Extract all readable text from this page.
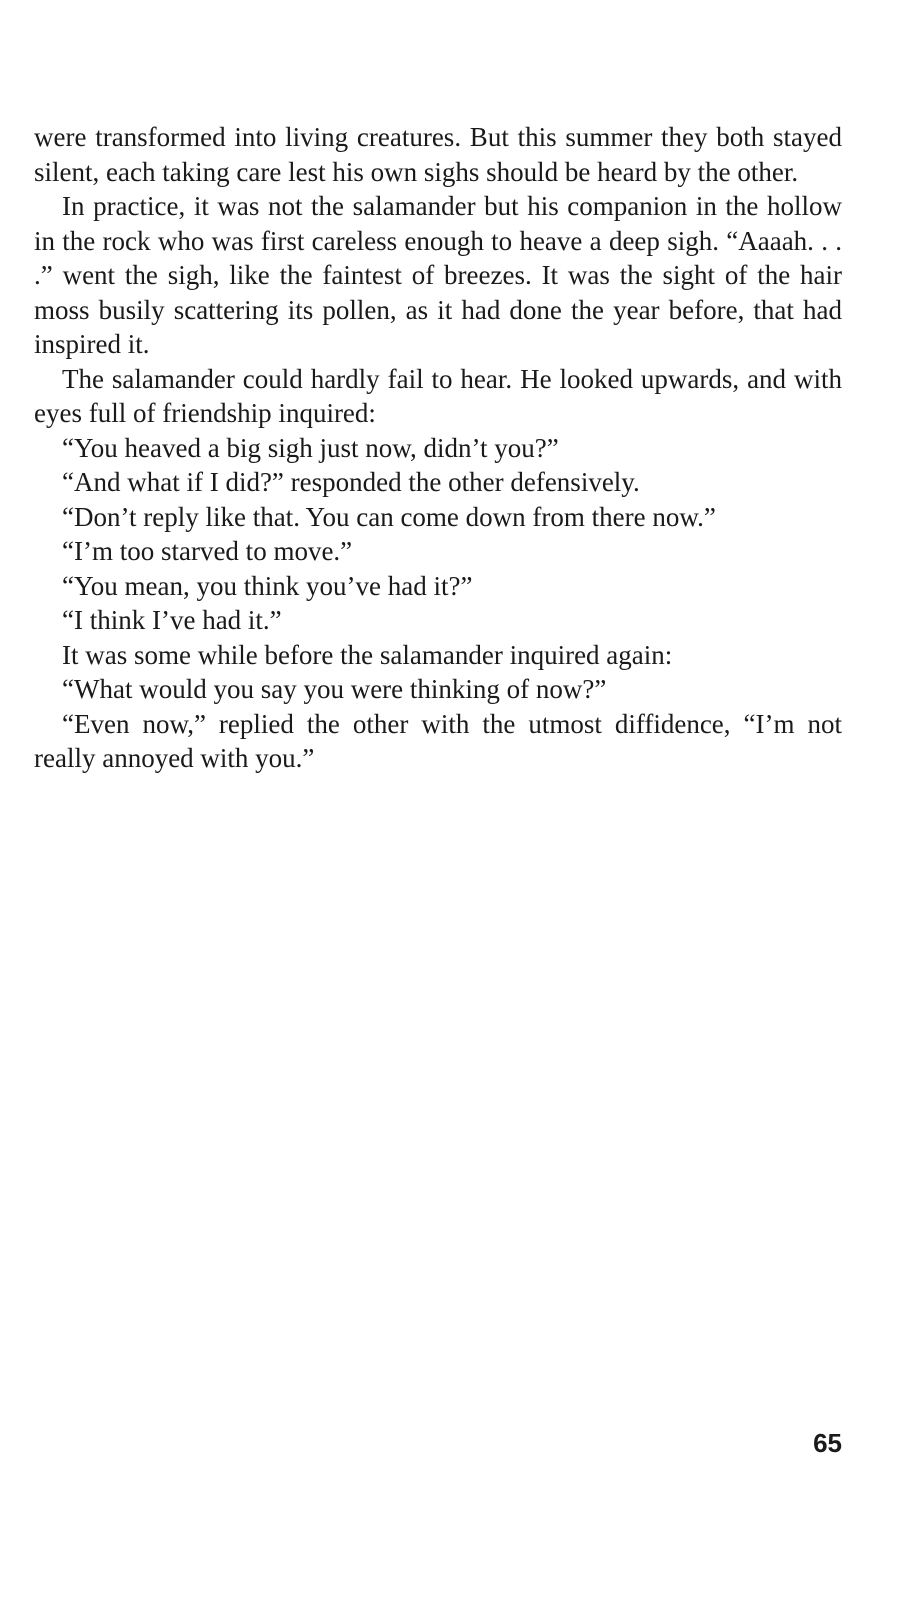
were transformed into living creatures. But this summer they both stayed silent, each taking care lest his own sighs should be heard by the other.

In practice, it was not the salamander but his companion in the hollow in the rock who was first careless enough to heave a deep sigh. “Aaaah. . . .” went the sigh, like the faintest of breezes. It was the sight of the hair moss busily scattering its pollen, as it had done the year before, that had inspired it.

The salamander could hardly fail to hear. He looked upwards, and with eyes full of friendship inquired:

“You heaved a big sigh just now, didn’t you?”

“And what if I did?” responded the other defensively.

“Don’t reply like that. You can come down from there now.”

“I’m too starved to move.”

“You mean, you think you’ve had it?”

“I think I’ve had it.”

It was some while before the salamander inquired again:

“What would you say you were thinking of now?”

“Even now,” replied the other with the utmost diffidence, “I’m not really annoyed with you.”

65
